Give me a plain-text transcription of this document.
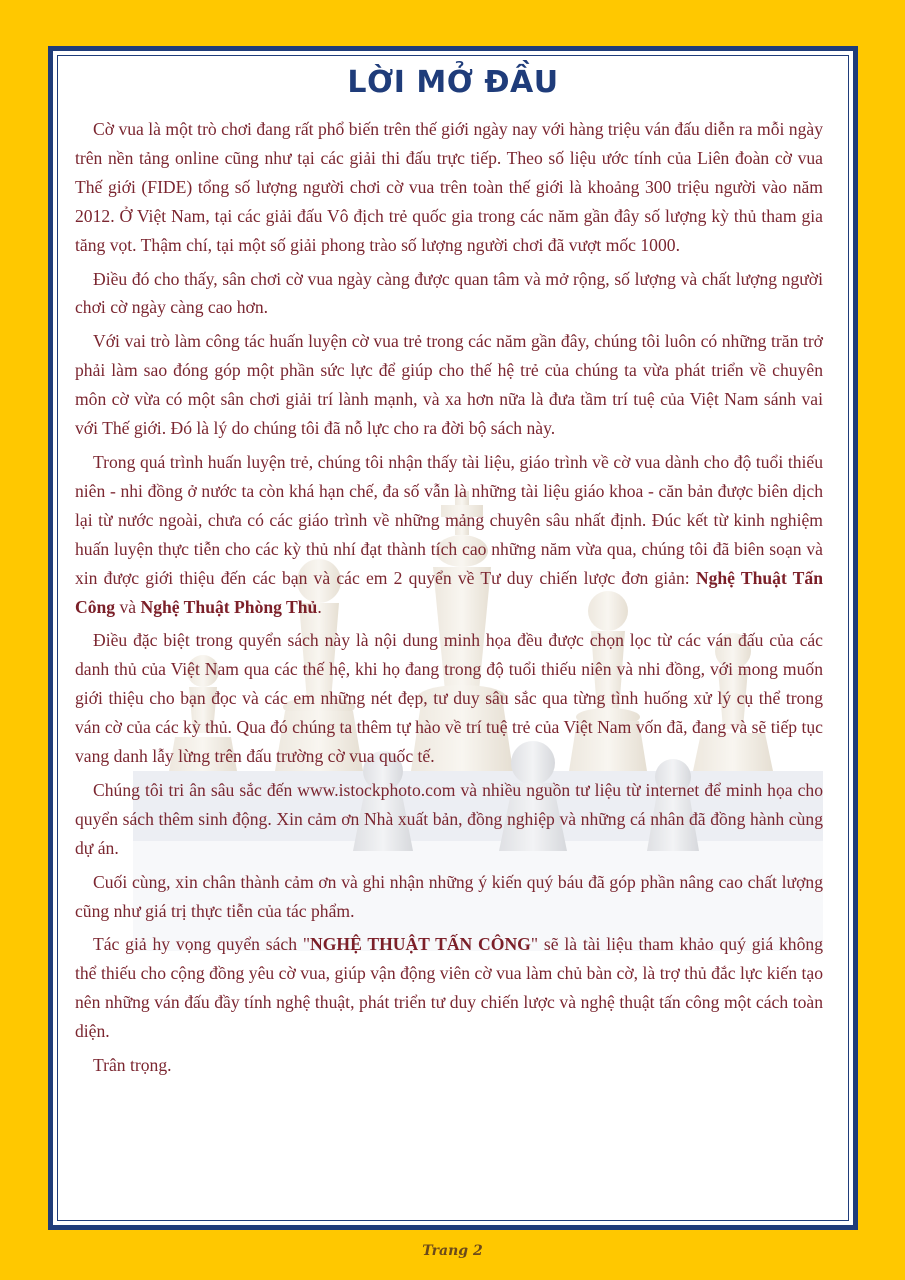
LỜI MỞ ĐẦU

Cờ vua là một trò chơi đang rất phổ biến trên thế giới ngày nay với hàng triệu ván đấu diễn ra mỗi ngày trên nền tảng online cũng như tại các giải thi đấu trực tiếp. Theo số liệu ước tính của Liên đoàn cờ vua Thế giới (FIDE) tổng số lượng người chơi cờ vua trên toàn thế giới là khoảng 300 triệu người vào năm 2012. Ở Việt Nam, tại các giải đấu Vô địch trẻ quốc gia trong các năm gần đây số lượng kỳ thủ tham gia tăng vọt. Thậm chí, tại một số giải phong trào số lượng người chơi đã vượt mốc 1000.

Điều đó cho thấy, sân chơi cờ vua ngày càng được quan tâm và mở rộng, số lượng và chất lượng người chơi cờ ngày càng cao hơn.

Với vai trò làm công tác huấn luyện cờ vua trẻ trong các năm gần đây, chúng tôi luôn có những trăn trở phải làm sao đóng góp một phần sức lực để giúp cho thế hệ trẻ của chúng ta vừa phát triển về chuyên môn cờ vừa có một sân chơi giải trí lành mạnh, và xa hơn nữa là đưa tầm trí tuệ của Việt Nam sánh vai với Thế giới. Đó là lý do chúng tôi đã nỗ lực cho ra đời bộ sách này.

Trong quá trình huấn luyện trẻ, chúng tôi nhận thấy tài liệu, giáo trình về cờ vua dành cho độ tuổi thiếu niên - nhi đồng ở nước ta còn khá hạn chế, đa số vẫn là những tài liệu giáo khoa - căn bản được biên dịch lại từ nước ngoài, chưa có các giáo trình về những mảng chuyên sâu nhất định. Đúc kết từ kinh nghiệm huấn luyện thực tiễn cho các kỳ thủ nhí đạt thành tích cao những năm vừa qua, chúng tôi đã biên soạn và xin được giới thiệu đến các bạn và các em 2 quyển về Tư duy chiến lược đơn giản: Nghệ Thuật Tấn Công và Nghệ Thuật Phòng Thủ.

Điều đặc biệt trong quyển sách này là nội dung minh họa đều được chọn lọc từ các ván đấu của các danh thủ của Việt Nam qua các thế hệ, khi họ đang trong độ tuổi thiếu niên và nhi đồng, với mong muốn giới thiệu cho bạn đọc và các em những nét đẹp, tư duy sâu sắc qua từng tình huống xử lý cụ thể trong ván cờ của các kỳ thủ. Qua đó chúng ta thêm tự hào về trí tuệ trẻ của Việt Nam vốn đã, đang và sẽ tiếp tục vang danh lẫy lừng trên đấu trường cờ vua quốc tế.

Chúng tôi tri ân sâu sắc đến www.istockphoto.com và nhiều nguồn tư liệu từ internet để minh họa cho quyển sách thêm sinh động. Xin cảm ơn Nhà xuất bản, đồng nghiệp và những cá nhân đã đồng hành cùng dự án.

Cuối cùng, xin chân thành cảm ơn và ghi nhận những ý kiến quý báu đã góp phần nâng cao chất lượng cũng như giá trị thực tiễn của tác phẩm.

Tác giả hy vọng quyển sách "NGHỆ THUẬT TẤN CÔNG" sẽ là tài liệu tham khảo quý giá không thể thiếu cho cộng đồng yêu cờ vua, giúp vận động viên cờ vua làm chủ bàn cờ, là trợ thủ đắc lực kiến tạo nên những ván đấu đầy tính nghệ thuật, phát triển tư duy chiến lược và nghệ thuật tấn công một cách toàn diện.

Trân trọng.

Trang 2
